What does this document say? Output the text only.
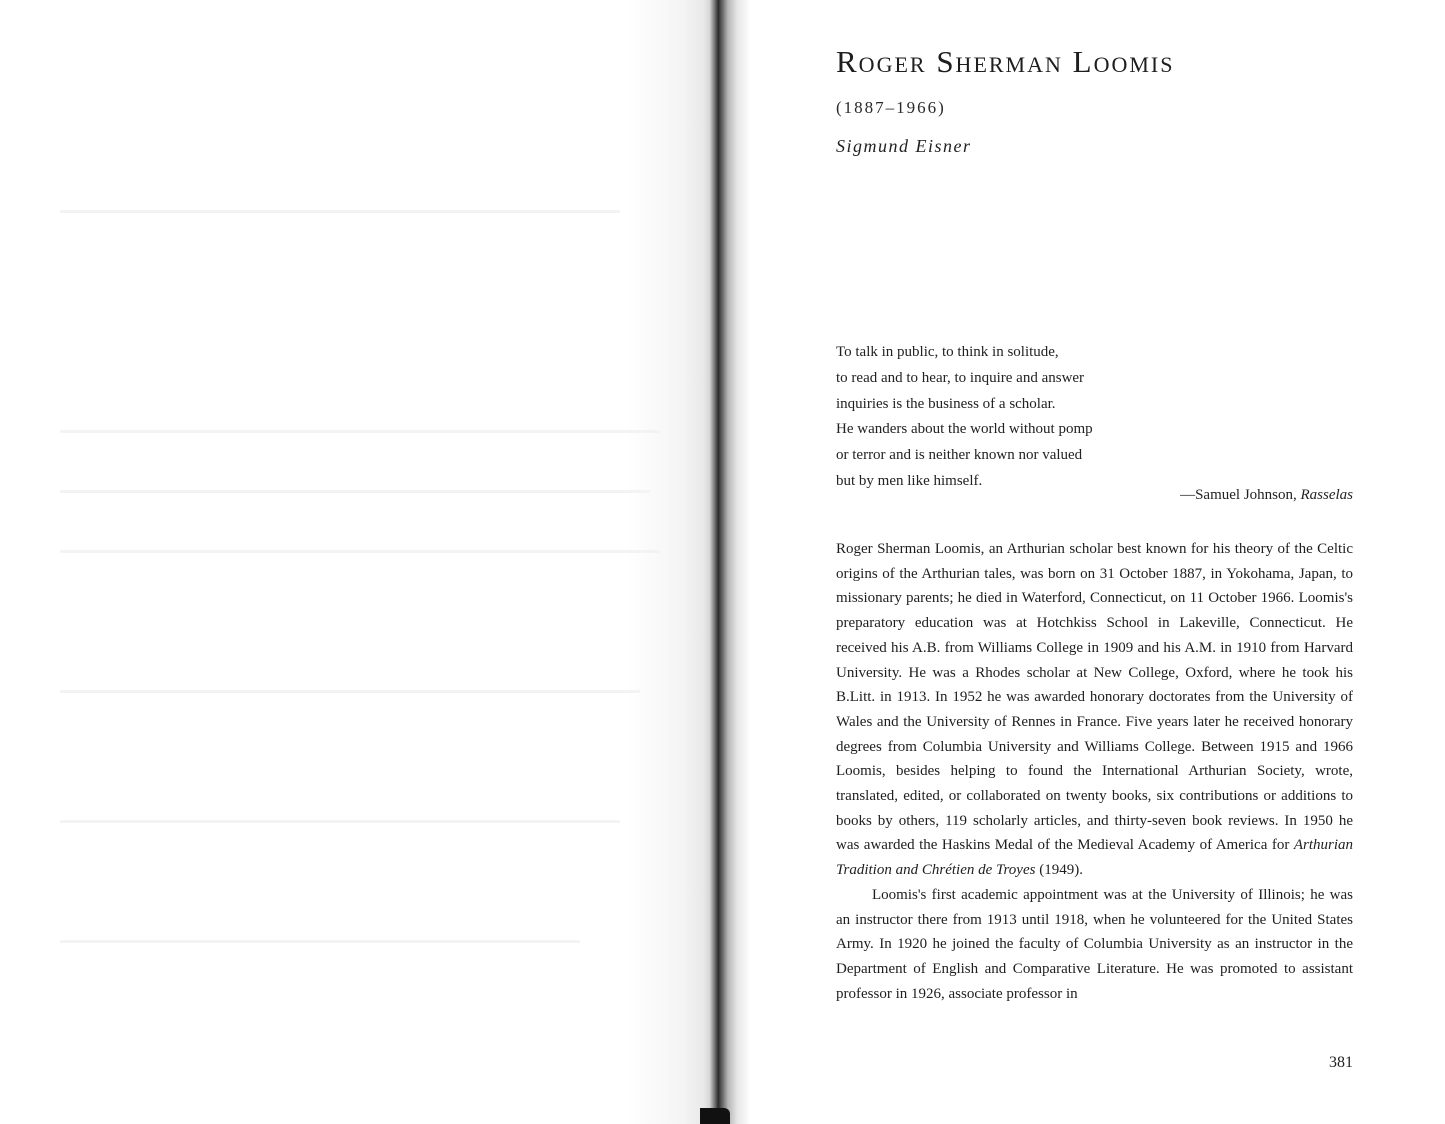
Roger Sherman Loomis
(1887–1966)
Sigmund Eisner
To talk in public, to think in solitude,
to read and to hear, to inquire and answer
inquiries is the business of a scholar.
He wanders about the world without pomp
or terror and is neither known nor valued
but by men like himself.
—Samuel Johnson, Rasselas

Roger Sherman Loomis, an Arthurian scholar best known for his theory of the Celtic origins of the Arthurian tales, was born on 31 October 1887, in Yokohama, Japan, to missionary parents; he died in Waterford, Connecticut, on 11 October 1966. Loomis's preparatory education was at Hotchkiss School in Lakeville, Connecticut. He received his A.B. from Williams College in 1909 and his A.M. in 1910 from Harvard University. He was a Rhodes scholar at New College, Oxford, where he took his B.Litt. in 1913. In 1952 he was awarded honorary doctorates from the University of Wales and the University of Rennes in France. Five years later he received honorary degrees from Columbia University and Williams College. Between 1915 and 1966 Loomis, besides helping to found the International Arthurian Society, wrote, translated, edited, or collaborated on twenty books, six contributions or additions to books by others, 119 scholarly articles, and thirty-seven book reviews. In 1950 he was awarded the Haskins Medal of the Medieval Academy of America for Arthurian Tradition and Chrétien de Troyes (1949).

Loomis's first academic appointment was at the University of Illinois; he was an instructor there from 1913 until 1918, when he volunteered for the United States Army. In 1920 he joined the faculty of Columbia University as an instructor in the Department of English and Comparative Literature. He was promoted to assistant professor in 1926, associate professor in

381
